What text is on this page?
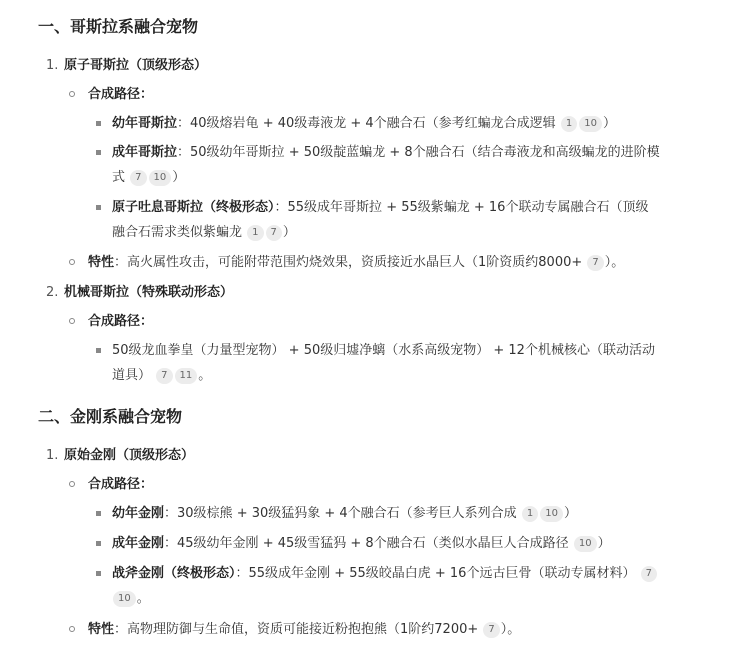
一、哥斯拉系融合宠物
1. 原子哥斯拉（顶级形态）
合成路径：
幼年哥斯拉：40级熔岩龟 + 40级毒液龙 + 4个融合石（参考红蝙龙合成逻辑 1 10 ）
成年哥斯拉：50级幼年哥斯拉 + 50级靛蓝蝙龙 + 8个融合石（结合毒液龙和高级蝙龙的进阶模
式 7 10 ）
原子吐息哥斯拉（终极形态）：55级成年哥斯拉 + 55级紫蝙龙 + 16个联动专属融合石（顶级
融合石需求类似紫蝙龙 1 7 ）
特性：高火属性攻击，可能附带范围灼烧效果，资质接近水晶巨人（1阶资质约8000+ 7 ）。
2. 机械哥斯拉（特殊联动形态）
合成路径：
50级龙血拳皇（力量型宠物） + 50级归墟净螭（水系高级宠物） + 12个机械核心（联动活动
道具） 7 11 。
二、金刚系融合宠物
1. 原始金刚（顶级形态）
合成路径：
幼年金刚：30级棕熊 + 30级猛犸象 + 4个融合石（参考巨人系列合成 1 10 ）
成年金刚：45级幼年金刚 + 45级雪猛犸 + 8个融合石（类似水晶巨人合成路径 10 ）
战斧金刚（终极形态）：55级成年金刚 + 55级皎晶白虎 + 16个远古巨骨（联动专属材料） 7
10 。
特性：高物理防御与生命值，资质可能接近粉抱抱熊（1阶约7200+ 7 ）。
